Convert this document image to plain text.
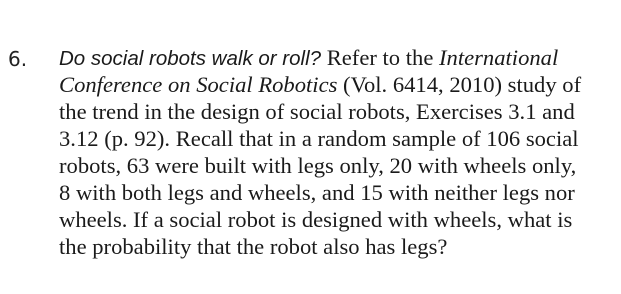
6. Do social robots walk or roll? Refer to the International
Conference on Social Robotics (Vol. 6414, 2010) study of
the trend in the design of social robots, Exercises 3.1 and
3.12 (p. 92). Recall that in a random sample of 106 social
robots, 63 were built with legs only, 20 with wheels only,
8 with both legs and wheels, and 15 with neither legs nor
wheels. If a social robot is designed with wheels, what is
the probability that the robot also has legs?
